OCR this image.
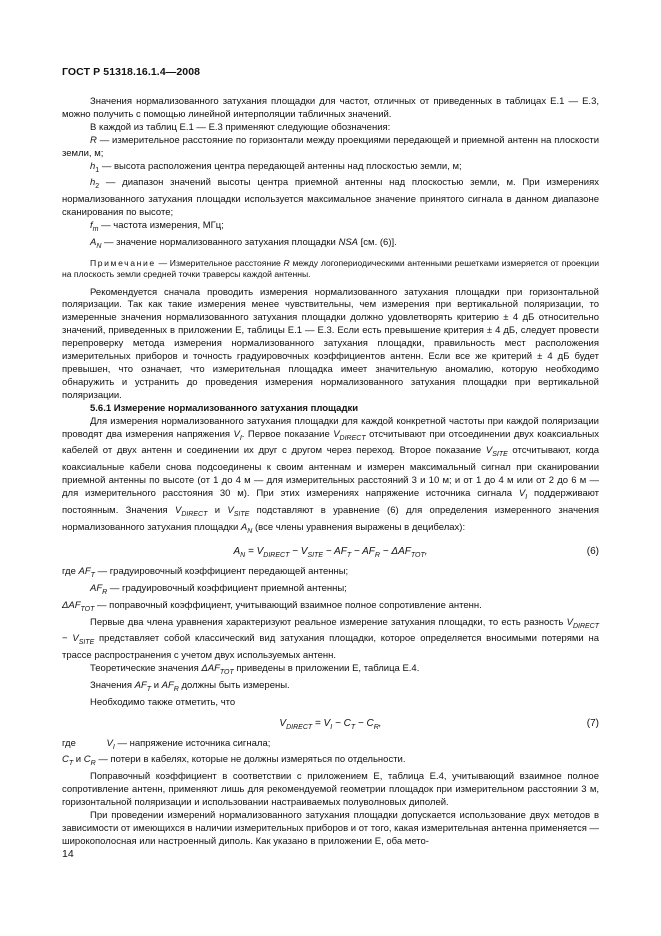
ГОСТ Р 51318.16.1.4—2008

Значения нормализованного затухания площадки для частот, отличных от приведенных в таблицах Е.1 — Е.3, можно получить с помощью линейной интерполяции табличных значений.

В каждой из таблиц Е.1 — Е.3 применяют следующие обозначения:

R — измерительное расстояние по горизонтали между проекциями передающей и приемной антенн на плоскости земли, м;

$h_1$ — высота расположения центра передающей антенны над плоскостью земли, м;

$h_2$ — диапазон значений высоты центра приемной антенны над плоскостью земли, м. При измерениях нормализованного затухания площадки используется максимальное значение принятого сигнала в данном диапазоне сканирования по высоте;

$f_m$ — частота измерения, МГц;

$A_N$ — значение нормализованного затухания площадки NSA [см. (6)].

Примечание — Измерительное расстояние R между логопериодическими антенными решетками измеряется от проекции на плоскость земли средней точки траверсы каждой антенны.

Рекомендуется сначала проводить измерения нормализованного затухания площадки при горизонтальной поляризации. Так как такие измерения менее чувствительны, чем измерения при вертикальной поляризации, то измеренные значения нормализованного затухания площадки должно удовлетворять критерию ± 4 дБ относительно значений, приведенных в приложении Е, таблицы Е.1 — Е.3. Если есть превышение критерия ± 4 дБ, следует провести перепроверку метода измерения нормализованного затухания площадки, правильность мест расположения измерительных приборов и точность градуировочных коэффициентов антенн. Если все же критерий ± 4 дБ будет превышен, что означает, что измерительная площадка имеет значительную аномалию, которую необходимо обнаружить и устранить до проведения измерения нормализованного затухания площадки при вертикальной поляризации.

5.6.1 Измерение нормализованного затухания площадки

Для измерения нормализованного затухания площадки для каждой конкретной частоты при каждой поляризации проводят два измерения напряжения $V_I$. Первое показание $V_{DIRECT}$ отсчитывают при отсоединении двух коаксиальных кабелей от двух антенн и соединении их друг с другом через переход. Второе показание $V_{SITE}$ отсчитывают, когда коаксиальные кабели снова подсоединены к своим антеннам и измерен максимальный сигнал при сканировании приемной антенны по высоте (от 1 до 4 м — для измерительных расстояний 3 и 10 м; и от 1 до 4 м или от 2 до 6 м — для измерительного расстояния 30 м). При этих измерениях напряжение источника сигнала $V_I$ поддерживают постоянным. Значения $V_{DIRECT}$ и $V_{SITE}$ подставляют в уравнение (6) для определения измеренного значения нормализованного затухания площадки $A_N$ (все члены уравнения выражены в децибелах):

$A_N = V_{DIRECT} - V_{SITE} - AF_T - AF_R - \Delta AF_{TOT}$,	(6)

где $AF_T$ — градуировочный коэффициент передающей антенны;

$AF_R$ — градуировочный коэффициент приемной антенны;

$\Delta AF_{TOT}$ — поправочный коэффициент, учитывающий взаимное полное сопротивление антенн.

Первые два члена уравнения характеризуют реальное измерение затухания площадки, то есть разность $V_{DIRECT} - V_{SITE}$ представляет собой классический вид затухания площадки, которое определяется вносимыми потерями на трассе распространения с учетом двух используемых антенн.

Теоретические значения $\Delta AF_{TOT}$ приведены в приложении Е, таблица Е.4.

Значения $AF_T$ и $AF_R$ должны быть измерены.

Необходимо также отметить, что

$V_{DIRECT} = V_I - C_T - C_R$,	(7)

где	$V_I$ — напряжение источника сигнала;

$C_T$ и $C_R$ — потери в кабелях, которые не должны измеряться по отдельности.

Поправочный коэффициент в соответствии с приложением Е, таблица Е.4, учитывающий взаимное полное сопротивление антенн, применяют лишь для рекомендуемой геометрии площадок при измерительном расстоянии 3 м, горизонтальной поляризации и использовании настраиваемых полуволновых диполей.

При проведении измерений нормализованного затухания площадки допускается использование двух методов в зависимости от имеющихся в наличии измерительных приборов и от того, какая измерительная антенна применяется — широкополосная или настроенный диполь. Как указано в приложении Е, оба мето-

14
